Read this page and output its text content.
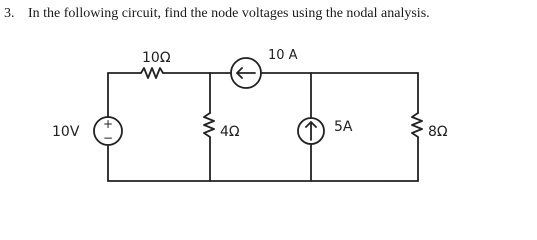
3. In the following circuit, find the node voltages using the nodal analysis.
+
−
10V
10Ω	10 A
4Ω	5A	8Ω
